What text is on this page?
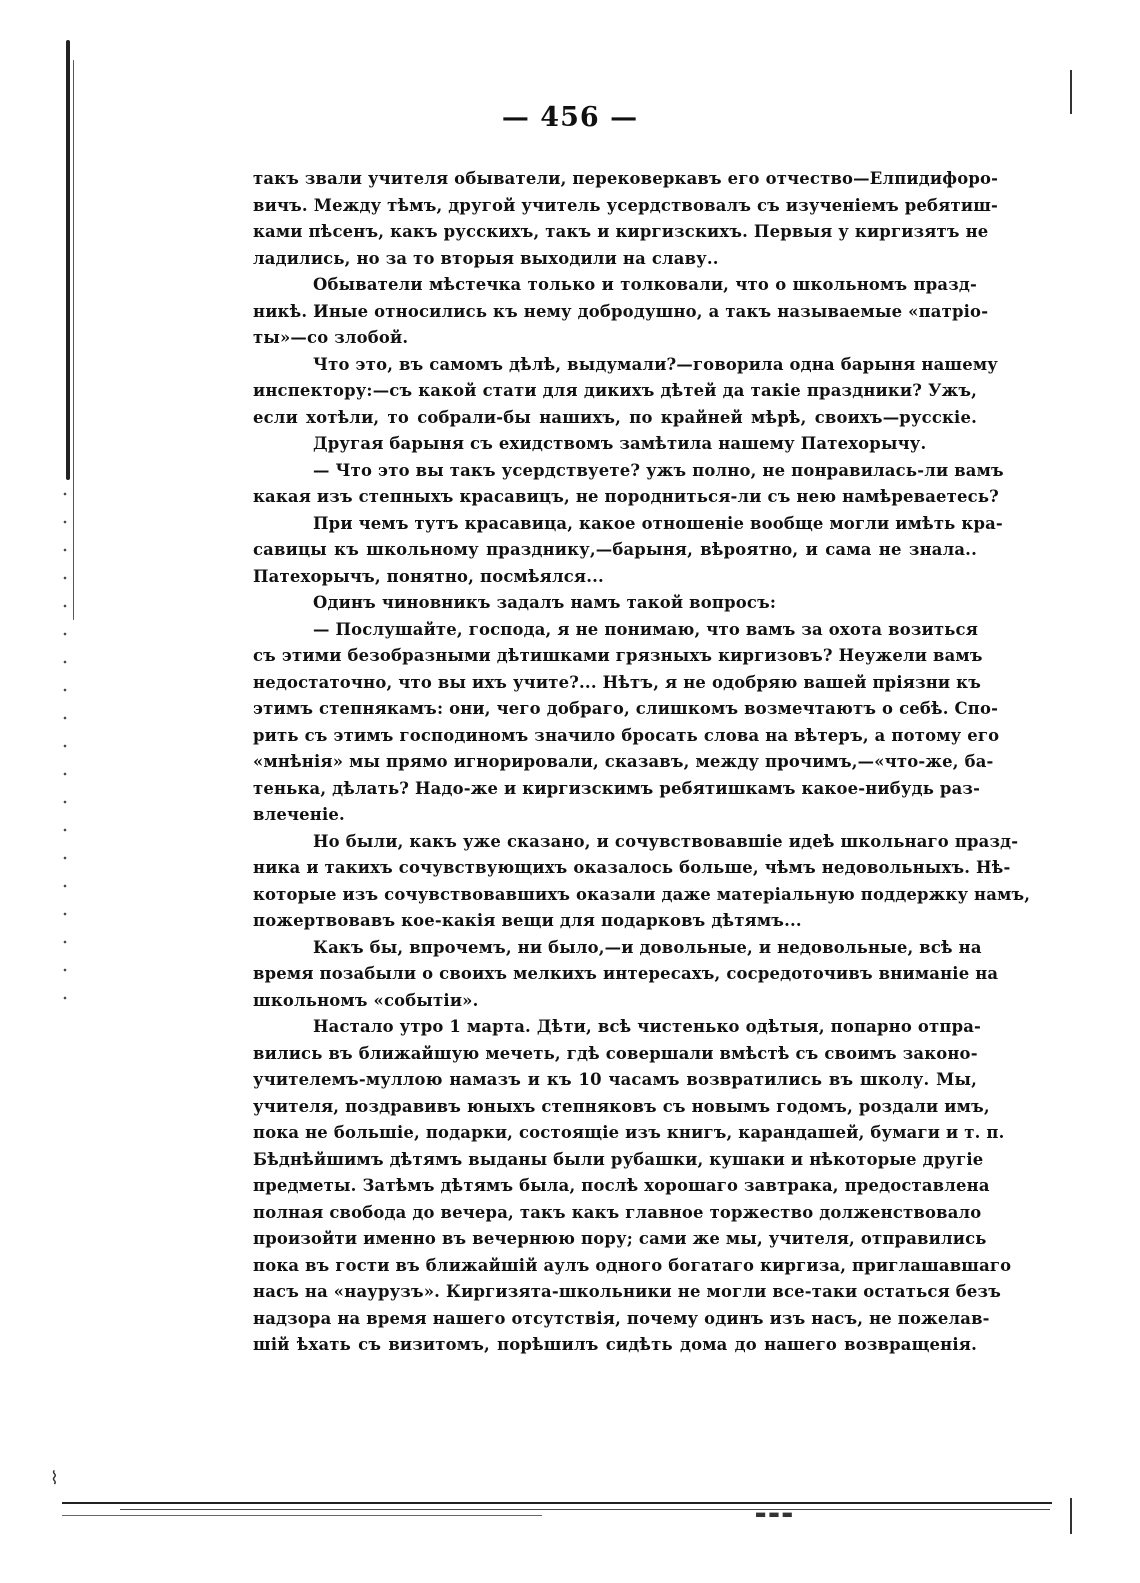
— 456 —
такъ звали учителя обыватели, перековеркавъ его отчество—Елпидифоро-
вичъ. Между тѣмъ, другой учитель усердствовалъ съ изученіемъ ребятиш-
ками пѣсенъ, какъ русскихъ, такъ и киргизскихъ. Первыя у киргизятъ не
ладились, но за то вторыя выходили на славу..
Обыватели мѣстечка только и толковали, что о школьномъ празд-
никѣ. Иные относились къ нему добродушно, а такъ называемые «патріо-
ты»—со злобой.
Что это, въ самомъ дѣлѣ, выдумали?—говорила одна барыня нашему
инспектору:—съ какой стати для дикихъ дѣтей да такіе праздники? Ужъ,
если хотѣли, то собрали-бы нашихъ, по крайней мѣрѣ, своихъ—русскіе.
Другая барыня съ ехидствомъ замѣтила нашему Патехорычу.
— Что это вы такъ усердствуете? ужъ полно, не понравилась-ли вамъ
какая изъ степныхъ красавицъ, не породниться-ли съ нею намѣреваетесь?
При чемъ тутъ красавица, какое отношеніе вообще могли имѣть кра-
савицы къ школьному празднику,—барыня, вѣроятно, и сама не знала..
Патехорычъ, понятно, посмѣялся...
Одинъ чиновникъ задалъ намъ такой вопросъ:
— Послушайте, господа, я не понимаю, что вамъ за охота возиться
съ этими безобразными дѣтишками грязныхъ киргизовъ? Неужели вамъ
недостаточно, что вы ихъ учите?... Нѣтъ, я не одобряю вашей пріязни къ
этимъ степнякамъ: они, чего добраго, слишкомъ возмечтаютъ о себѣ. Спо-
рить съ этимъ господиномъ значило бросать слова на вѣтеръ, а потому его
«мнѣнія» мы прямо игнорировали, сказавъ, между прочимъ,—«что-же, ба-
тенька, дѣлать? Надо-же и киргизскимъ ребятишкамъ какое-нибудь раз-
влеченіе.
Но были, какъ уже сказано, и сочувствовавшіе идеѣ школьнаго празд-
ника и такихъ сочувствующихъ оказалось больше, чѣмъ недовольныхъ. Нѣ-
которые изъ сочувствовавшихъ оказали даже матеріальную поддержку намъ,
пожертвовавъ кое-какія вещи для подарковъ дѣтямъ...
Какъ бы, впрочемъ, ни было,—и довольные, и недовольные, всѣ на
время позабыли о своихъ мелкихъ интересахъ, сосредоточивъ вниманіе на
школьномъ «событіи».
Настало утро 1 марта. Дѣти, всѣ чистенько одѣтыя, попарно отпра-
вились въ ближайшую мечеть, гдѣ совершали вмѣстѣ съ своимъ законо-
учителемъ-муллою намазъ и къ 10 часамъ возвратились въ школу. Мы,
учителя, поздравивъ юныхъ степняковъ съ новымъ годомъ, роздали имъ,
пока не большіе, подарки, состоящіе изъ книгъ, карандашей, бумаги и т. п.
Бѣднѣйшимъ дѣтямъ выданы были рубашки, кушаки и нѣкоторые другіе
предметы. Затѣмъ дѣтямъ была, послѣ хорошаго завтрака, предоставлена
полная свобода до вечера, такъ какъ главное торжество долженствовало
произойти именно въ вечернюю пору; сами же мы, учителя, отправились
пока въ гости въ ближайшій аулъ одного богатаго киргиза, приглашавшаго
насъ на «наурузъ». Киргизята-школьники не могли все-таки остаться безъ
надзора на время нашего отсутствія, почему одинъ изъ насъ, не пожелав-
шій ѣхать съ визитомъ, порѣшилъ сидѣть дома до нашего возвращенія.
⌇
▬▬▬
